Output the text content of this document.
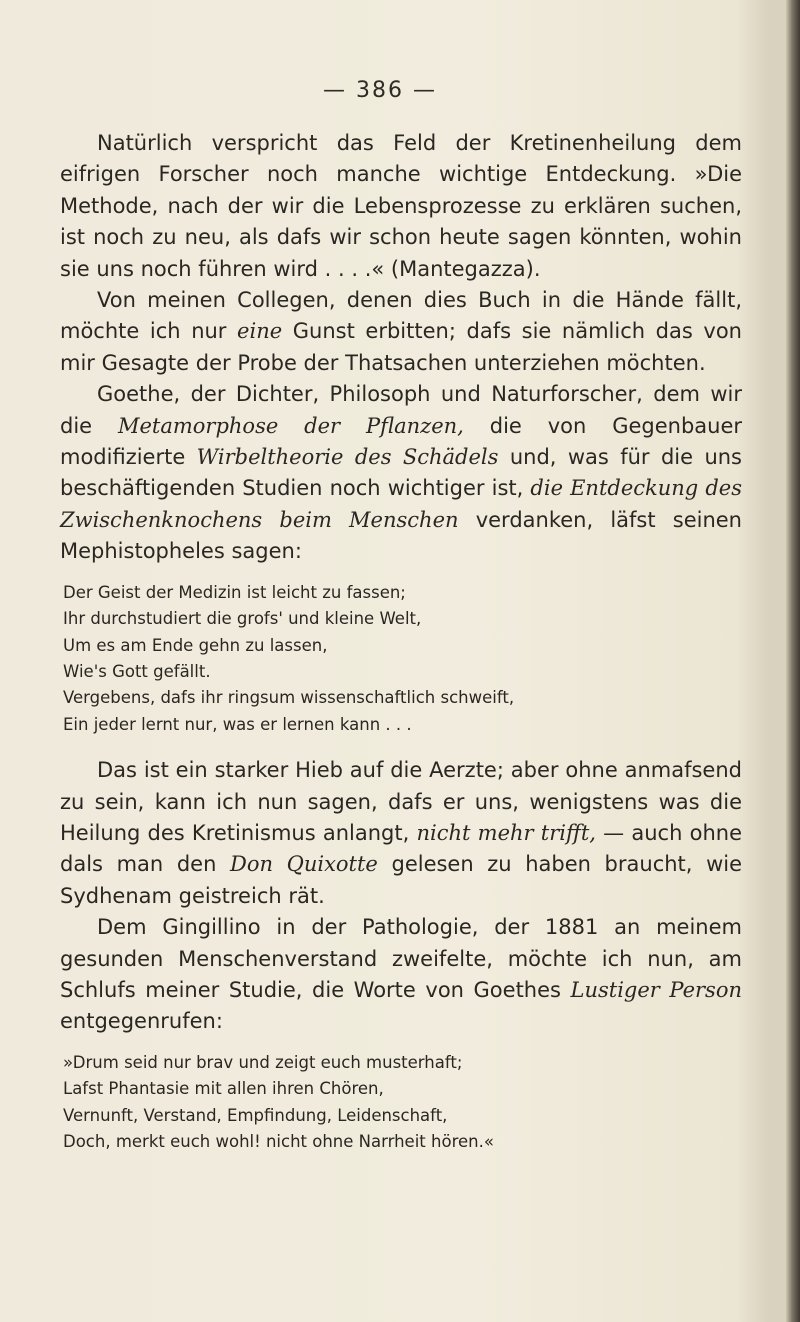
— 386 —

Natürlich verspricht das Feld der Kretinenheilung dem eifrigen Forscher noch manche wichtige Entdeckung. »Die Methode, nach der wir die Lebensprozesse zu erklären suchen, ist noch zu neu, als dafs wir schon heute sagen könnten, wohin sie uns noch führen wird . . . .« (Mantegazza).

Von meinen Collegen, denen dies Buch in die Hände fällt, möchte ich nur eine Gunst erbitten; dafs sie nämlich das von mir Gesagte der Probe der Thatsachen unterziehen möchten.

Goethe, der Dichter, Philosoph und Naturforscher, dem wir die Metamorphose der Pflanzen, die von Gegenbauer modifizierte Wirbeltheorie des Schädels und, was für die uns beschäftigenden Studien noch wichtiger ist, die Entdeckung des Zwischenknochens beim Menschen verdanken, läfst seinen Mephistopheles sagen:

Der Geist der Medizin ist leicht zu fassen;
Ihr durchstudiert die grofs' und kleine Welt,
Um es am Ende gehn zu lassen,
Wie's Gott gefällt.
Vergebens, dafs ihr ringsum wissenschaftlich schweift,
Ein jeder lernt nur, was er lernen kann . . .

Das ist ein starker Hieb auf die Aerzte; aber ohne anmafsend zu sein, kann ich nun sagen, dafs er uns, wenigstens was die Heilung des Kretinismus anlangt, nicht mehr trifft, — auch ohne dals man den Don Quixotte gelesen zu haben braucht, wie Sydhenam geistreich rät.

Dem Gingillino in der Pathologie, der 1881 an meinem gesunden Menschenverstand zweifelte, möchte ich nun, am Schlufs meiner Studie, die Worte von Goethes Lustiger Person entgegenrufen:

»Drum seid nur brav und zeigt euch musterhaft;
Lafst Phantasie mit allen ihren Chören,
Vernunft, Verstand, Empfindung, Leidenschaft,
Doch, merkt euch wohl! nicht ohne Narrheit hören.«
